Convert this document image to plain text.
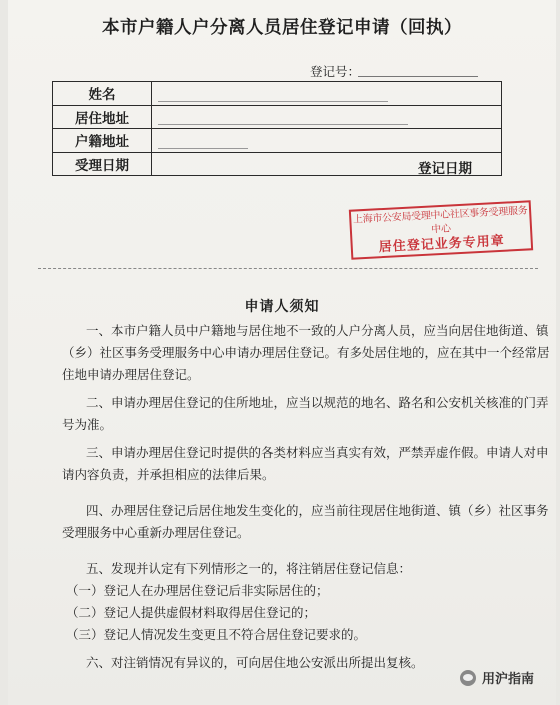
本市户籍人户分离人员居住登记申请（回执）
登记号：
姓名	

居住地址	

户籍地址	

受理日期	登记日期
上海市公安局受理中心社区事务受理服务中心
居住登记业务专用章
申请人须知
一、本市户籍人员中户籍地与居住地不一致的人户分离人员，应当向居住地街道、镇（乡）社区事务受理服务中心申请办理居住登记。有多处居住地的，应在其中一个经常居住地申请办理居住登记。
二、申请办理居住登记的住所地址，应当以规范的地名、路名和公安机关核准的门弄号为准。
三、申请办理居住登记时提供的各类材料应当真实有效，严禁弄虚作假。申请人对申请内容负责，并承担相应的法律后果。
四、办理居住登记后居住地发生变化的，应当前往现居住地街道、镇（乡）社区事务受理服务中心重新办理居住登记。
五、发现并认定有下列情形之一的，将注销居住登记信息：
（一）登记人在办理居住登记后非实际居住的；
（二）登记人提供虚假材料取得居住登记的；
（三）登记人情况发生变更且不符合居住登记要求的。
六、对注销情况有异议的，可向居住地公安派出所提出复核。
用沪指南
